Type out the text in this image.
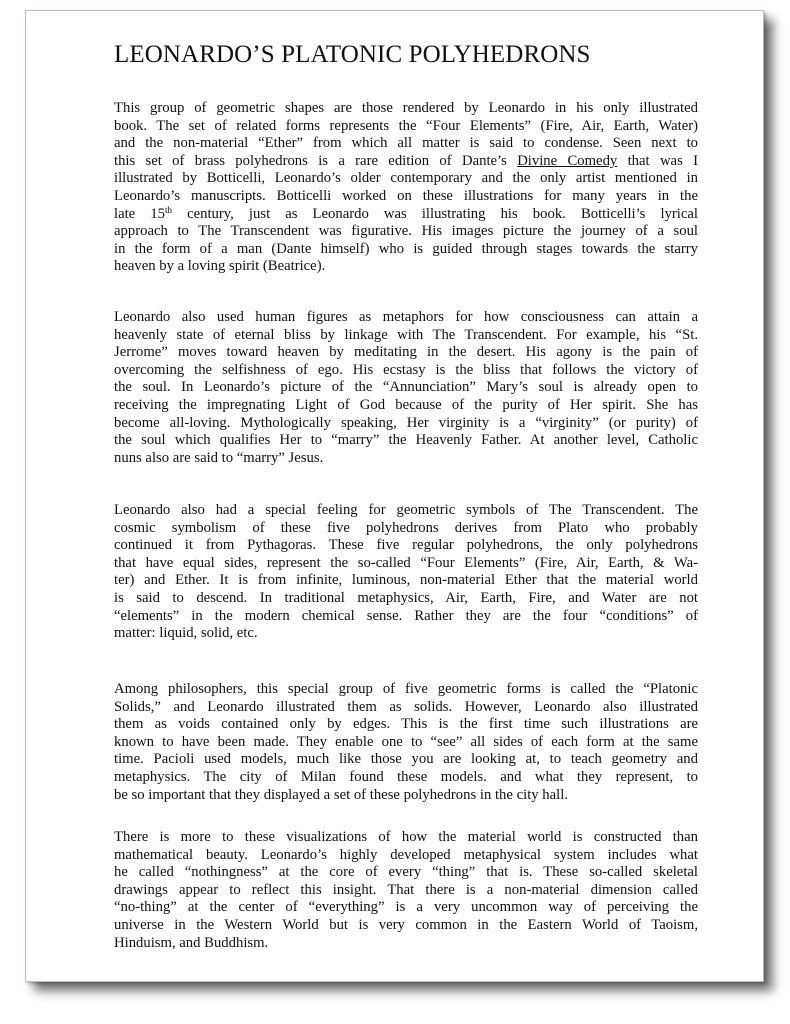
LEONARDO’S PLATONIC POLYHEDRONS
This group of geometric shapes are those rendered by Leonardo in his only illustrated
book. The set of related forms represents the “Four Elements” (Fire, Air, Earth, Water)
and the non-material “Ether” from which all matter is said to condense. Seen next to
this set of brass polyhedrons is a rare edition of Dante’s Divine Comedy that was I
illustrated by Botticelli, Leonardo’s older contemporary and the only artist mentioned in
Leonardo’s manuscripts. Botticelli worked on these illustrations for many years in the
late 15th century, just as Leonardo was illustrating his book. Botticelli’s lyrical
approach to The Transcendent was figurative. His images picture the journey of a soul
in the form of a man (Dante himself) who is guided through stages towards the starry
heaven by a loving spirit (Beatrice).
Leonardo also used human figures as metaphors for how consciousness can attain a
heavenly state of eternal bliss by linkage with The Transcendent. For example, his “St.
Jerrome” moves toward heaven by meditating in the desert. His agony is the pain of
overcoming the selfishness of ego. His ecstasy is the bliss that follows the victory of
the soul. In Leonardo’s picture of the “Annunciation” Mary’s soul is already open to
receiving the impregnating Light of God because of the purity of Her spirit. She has
become all-loving. Mythologically speaking, Her virginity is a “virginity” (or purity) of
the soul which qualifies Her to “marry” the Heavenly Father. At another level, Catholic
nuns also are said to “marry” Jesus.
Leonardo also had a special feeling for geometric symbols of The Transcendent. The
cosmic symbolism of these five polyhedrons derives from Plato who probably
continued it from Pythagoras. These five regular polyhedrons, the only polyhedrons
that have equal sides, represent the so-called “Four Elements” (Fire, Air, Earth, & Wa-
ter) and Ether. It is from infinite, luminous, non-material Ether that the material world
is said to descend. In traditional metaphysics, Air, Earth, Fire, and Water are not
“elements” in the modern chemical sense. Rather they are the four “conditions” of
matter: liquid, solid, etc.
Among philosophers, this special group of five geometric forms is called the “Platonic
Solids,” and Leonardo illustrated them as solids. However, Leonardo also illustrated
them as voids contained only by edges. This is the first time such illustrations are
known to have been made. They enable one to “see” all sides of each form at the same
time. Pacioli used models, much like those you are looking at, to teach geometry and
metaphysics. The city of Milan found these models. and what they represent, to
be so important that they displayed a set of these polyhedrons in the city hall.
There is more to these visualizations of how the material world is constructed than
mathematical beauty. Leonardo’s highly developed metaphysical system includes what
he called “nothingness” at the core of every “thing” that is. These so-called skeletal
drawings appear to reflect this insight. That there is a non-material dimension called
“no-thing” at the center of “everything” is a very uncommon way of perceiving the
universe in the Western World but is very common in the Eastern World of Taoism,
Hinduism, and Buddhism.
